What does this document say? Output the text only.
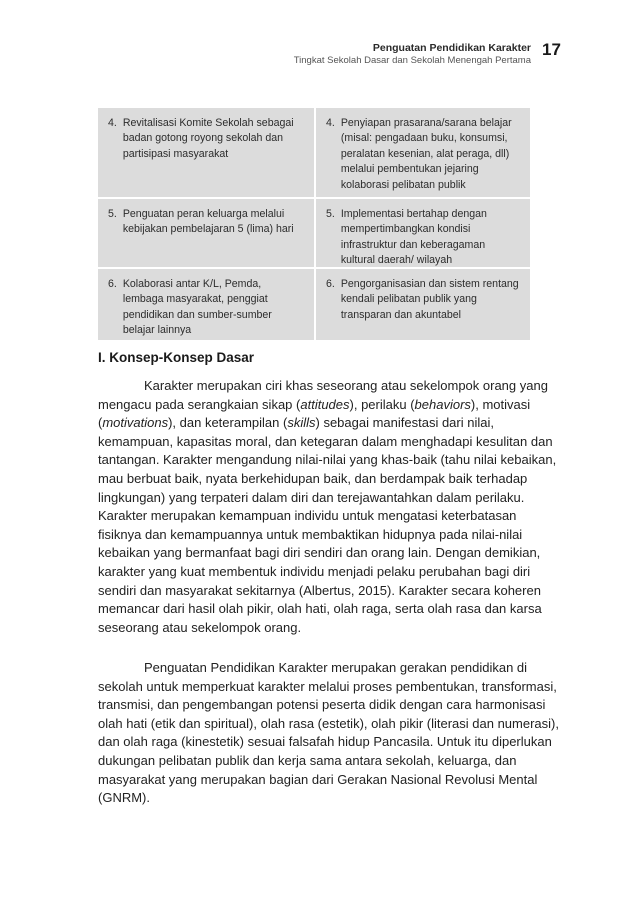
Penguatan Pendidikan Karakter
Tingkat Sekolah Dasar dan Sekolah Menengah Pertama
17
4. Revitalisasi Komite Sekolah sebagai badan gotong royong sekolah dan partisipasi masyarakat
4. Penyiapan prasarana/sarana belajar (misal: pengadaan buku, konsumsi, peralatan kesenian, alat peraga, dll) melalui pembentukan jejaring kolaborasi pelibatan publik
5. Penguatan peran keluarga melalui kebijakan pembelajaran 5 (lima) hari
5. Implementasi bertahap dengan mempertimbangkan kondisi infrastruktur dan keberagaman kultural daerah/ wilayah
6. Kolaborasi antar K/L, Pemda, lembaga masyarakat, penggiat pendidikan dan sumber-sumber belajar lainnya
6. Pengorganisasian dan sistem rentang kendali pelibatan publik yang transparan dan akuntabel
I. Konsep-Konsep Dasar

Karakter merupakan ciri khas seseorang atau sekelompok orang yang mengacu pada serangkaian sikap (attitudes), perilaku (behaviors), motivasi (motivations), dan keterampilan (skills) sebagai manifestasi dari nilai, kemampuan, kapasitas moral, dan ketegaran dalam menghadapi kesulitan dan tantangan. Karakter mengandung nilai-nilai yang khas-baik (tahu nilai kebaikan, mau berbuat baik, nyata berkehidupan baik, dan berdampak baik terhadap lingkungan) yang terpateri dalam diri dan terejawantahkan dalam perilaku. Karakter merupakan kemampuan individu untuk mengatasi keterbatasan fisiknya dan kemampuannya untuk membaktikan hidupnya pada nilai-nilai kebaikan yang bermanfaat bagi diri sendiri dan orang lain. Dengan demikian, karakter yang kuat membentuk individu menjadi pelaku perubahan bagi diri sendiri dan masyarakat sekitarnya (Albertus, 2015). Karakter secara koheren memancar dari hasil olah pikir, olah hati, olah raga, serta olah rasa dan karsa seseorang atau sekelompok orang.

Penguatan Pendidikan Karakter merupakan gerakan pendidikan di sekolah untuk memperkuat karakter melalui proses pembentukan, transformasi, transmisi, dan pengembangan potensi peserta didik dengan cara harmonisasi olah hati (etik dan spiritual), olah rasa (estetik), olah pikir (literasi dan numerasi), dan olah raga (kinestetik) sesuai falsafah hidup Pancasila. Untuk itu diperlukan dukungan pelibatan publik dan kerja sama antara sekolah, keluarga, dan masyarakat yang merupakan bagian dari Gerakan Nasional Revolusi Mental (GNRM).
